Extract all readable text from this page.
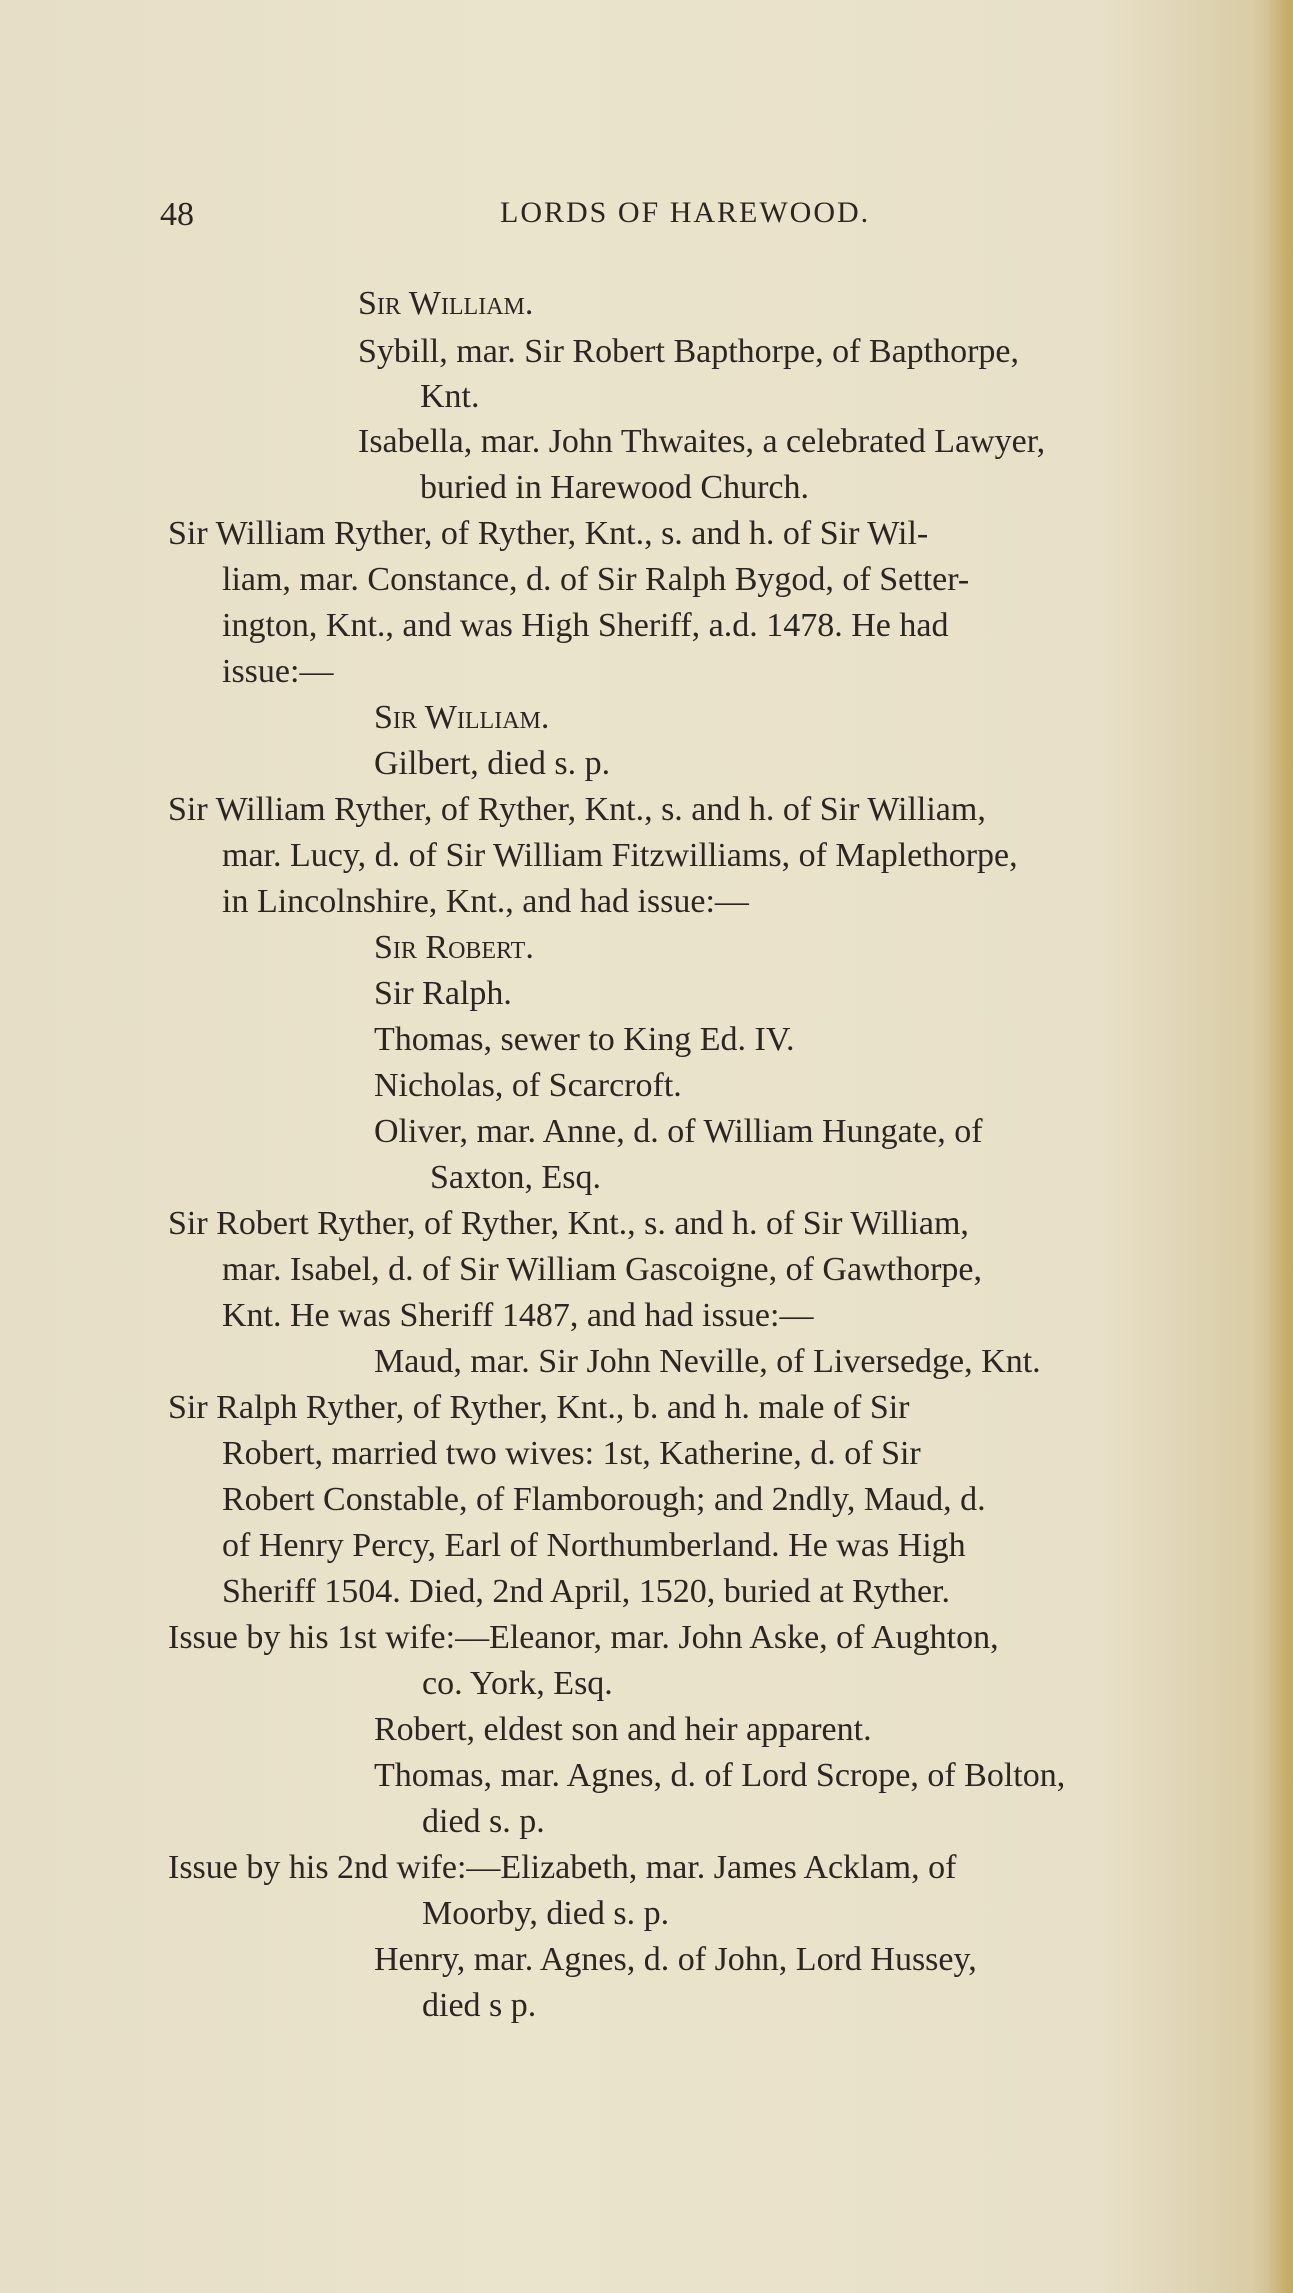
48	LORDS OF HAREWOOD.
Sir William.
Sybill, mar. Sir Robert Bapthorpe, of Bapthorpe,
Knt.
Isabella, mar. John Thwaites, a celebrated Lawyer,
buried in Harewood Church.
Sir William Ryther, of Ryther, Knt., s. and h. of Sir Wil-
liam, mar. Constance, d. of Sir Ralph Bygod, of Setter-
ington, Knt., and was High Sheriff, a.d. 1478. He had
issue:—
Sir William.
Gilbert, died s. p.
Sir William Ryther, of Ryther, Knt., s. and h. of Sir William,
mar. Lucy, d. of Sir William Fitzwilliams, of Maplethorpe,
in Lincolnshire, Knt., and had issue:—
Sir Robert.
Sir Ralph.
Thomas, sewer to King Ed. IV.
Nicholas, of Scarcroft.
Oliver, mar. Anne, d. of William Hungate, of
Saxton, Esq.
Sir Robert Ryther, of Ryther, Knt., s. and h. of Sir William,
mar. Isabel, d. of Sir William Gascoigne, of Gawthorpe,
Knt. He was Sheriff 1487, and had issue:—
Maud, mar. Sir John Neville, of Liversedge, Knt.
Sir Ralph Ryther, of Ryther, Knt., b. and h. male of Sir
Robert, married two wives: 1st, Katherine, d. of Sir
Robert Constable, of Flamborough; and 2ndly, Maud, d.
of Henry Percy, Earl of Northumberland. He was High
Sheriff 1504. Died, 2nd April, 1520, buried at Ryther.
Issue by his 1st wife:—Eleanor, mar. John Aske, of Aughton,
co. York, Esq.
Robert, eldest son and heir apparent.
Thomas, mar. Agnes, d. of Lord Scrope, of Bolton,
died s. p.
Issue by his 2nd wife:—Elizabeth, mar. James Acklam, of
Moorby, died s. p.
Henry, mar. Agnes, d. of John, Lord Hussey,
died s p.
